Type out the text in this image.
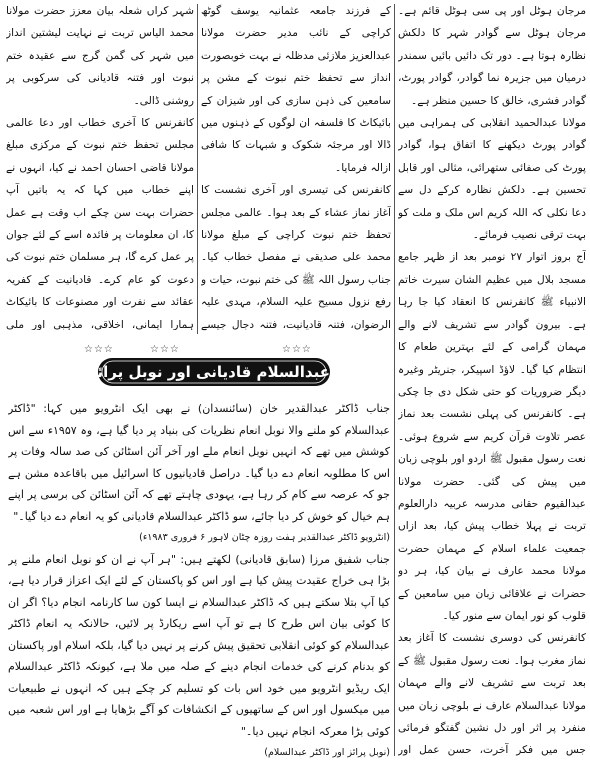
مرجان ہوٹل اور پی سی ہوٹل قائم ہے۔ مرجان ہوٹل سے گوادر شہر کا دلکش نظارہ ہوتا ہے۔ دور تک دائیں بائیں سمندر درمیان میں جزیرہ نما گوادر، گوادر پورٹ، گوادر فشری، خالق کا حسین منظر ہے۔

مولانا عبدالحمید انقلابی کی ہمراہی میں گوادر پورٹ دیکھنے کا اتفاق ہوا، گوادر پورٹ کی صفائی ستھرائی، مثالی اور قابل تحسین ہے۔ دلکش نظارہ کرکے دل سے دعا نکلی کہ اللہ کریم اس ملک و ملت کو بہت ترقی نصیب فرمائے۔

آج بروز اتوار ۲۷ نومبر بعد از ظہر جامع مسجد بلال میں عظیم الشان سیرت خاتم الانبیاء ﷺ کانفرنس کا انعقاد کیا جا رہا ہے۔ بیرون گوادر سے تشریف لانے والے مہمان گرامی کے لئے بہترین طعام کا انتظام کیا گیا۔ لاؤڈ اسپیکر، جنریٹر وغیرہ دیگر ضروریات کو حتی شکل دی جا چکی ہے۔ کانفرنس کی پہلی نشست بعد نماز عصر تلاوت قرآن کریم سے شروع ہوئی۔ نعت رسول مقبول ﷺ اردو اور بلوچی زبان میں پیش کی گئی۔ حضرت مولانا عبدالقیوم حقانی مدرسہ عربیہ دارالعلوم تربت نے پہلا خطاب پیش کیا، بعد ازاں جمعیت علماء اسلام کے مہمان حضرت مولانا محمد عارف نے بیان کیا، ہر دو حضرات نے علاقائی زبان میں سامعین کے قلوب کو نور ایمان سے منور کیا۔

کانفرنس کی دوسری نشست کا آغاز بعد نماز مغرب ہوا۔ نعت رسول مقبول ﷺ کے بعد تربت سے تشریف لانے والے مہمان مولانا عبدالسلام عارف نے بلوچی زبان میں منفرد پر اثر اور دل نشین گفتگو فرمائی جس میں فکر آخرت، حسن عمل اور

کے فرزند جامعہ عثمانیہ یوسف گوٹھ کراچی کے نائب مدیر حضرت مولانا عبدالعزیز ملازئی مدظلہ نے بہت خوبصورت انداز سے تحفظ ختم نبوت کے مشن پر سامعین کی ذہن سازی کی اور شیزان کے بائیکاٹ کا فلسفہ ان لوگوں کے ذہنوں میں ڈالا اور مرجئہ شکوک و شبہات کا شافی ازالہ فرمایا۔

کانفرنس کی تیسری اور آخری نشست کا آغاز نماز عشاء کے بعد ہوا۔ عالمی مجلس تحفظ ختم نبوت کراچی کے مبلغ مولانا محمد علی صدیقی نے مفصل خطاب کیا۔ جناب رسول اللہ ﷺ کی ختم نبوت، حیات و رفع نزول مسیح علیہ السلام، مہدی علیہ الرضوان، فتنہ قادیانیت، فتنہ دجال جیسے

شہر کراں شعلہ بیان معزز حضرت مولانا محمد الیاس تربت نے نہایت لیشتین انداز میں شہر کی گمن گرج سے عقیدہ ختم نبوت اور فتنہ قادیانی کی سرکوبی پر روشنی ڈالی۔

کانفرنس کا آخری خطاب اور دعا عالمی مجلس تحفظ ختم نبوت کے مرکزی مبلغ مولانا قاضی احسان احمد نے کیا، انہوں نے اپنے خطاب میں کہا کہ یہ باتیں آپ حضرات بہت سن چکے اب وقت ہے عمل کا، ان معلومات پر فائدہ اسے کے لئے جوان پر عمل کرے گا، ہر مسلمان ختم نبوت کی دعوت کو عام کرے۔ قادیانیت کے کفریہ عقائد سے نفرت اور مصنوعات کا بائیکاٹ ہمارا ایمانی، اخلاقی، مذہبی اور ملی

☆☆☆	☆☆☆	☆☆☆
ڈاکٹر عبدالسلام قادیانی اور نوبل پرائز ؟؟؟

جناب ڈاکٹر عبدالقدیر خان (سائنسدان) نے بھی ایک انٹرویو میں کہا: "ڈاکٹر عبدالسلام کو ملنے والا نوبل انعام نظریات کی بنیاد پر دیا گیا ہے، وہ ۱۹۵۷ء سے اس کوشش میں تھے کہ انہیں نوبل انعام ملے اور آخر آئن اسٹائن کی صد سالہ وفات پر اس کا مطلوبہ انعام دے دیا گیا۔ دراصل قادیانیوں کا اسرائیل میں باقاعدہ مشن ہے جو کہ عرصہ سے کام کر رہا ہے، یہودی چاہتے تھے کہ آئن اسٹائن کی برسی پر اپنے ہم خیال کو خوش کر دیا جائے، سو ڈاکٹر عبدالسلام قادیانی کو یہ انعام دے دیا گیا۔"

(انٹرویو ڈاکٹر عبدالقدیر ہفت روزہ چٹان لاہور ۶ فروری ۱۹۸۳ء)

جناب شفیق مرزا (سابق قادیانی) لکھتے ہیں: "ہر آپ نے ان کو نوبل انعام ملنے پر بڑا ہی خراج عقیدت پیش کیا ہے اور اس کو پاکستان کے لئے ایک اعزاز قرار دیا ہے، کیا آپ بتلا سکتے ہیں کہ ڈاکٹر عبدالسلام نے ایسا کون سا کارنامہ انجام دیا؟ اگر ان کا کوئی بیان اس طرح کا ہے تو آپ اسے ریکارڈ پر لائیں، حالانکہ یہ انعام ڈاکٹر عبدالسلام کو کوئی انقلابی تحقیق پیش کرنے پر نہیں دیا گیا، بلکہ اسلام اور پاکستان کو بدنام کرنے کی خدمات انجام دینے کے صلہ میں ملا ہے، کیونکہ ڈاکٹر عبدالسلام ایک ریڈیو انٹرویو میں خود اس بات کو تسلیم کر چکے ہیں کہ انہوں نے طبیعیات میں میکسول اور اس کے ساتھیوں کے انکشافات کو آگے بڑھایا ہے اور اس شعبہ میں کوئی بڑا معرکہ انجام نہیں دیا۔"

(نوبل پرائز اور ڈاکٹر عبدالسلام)
